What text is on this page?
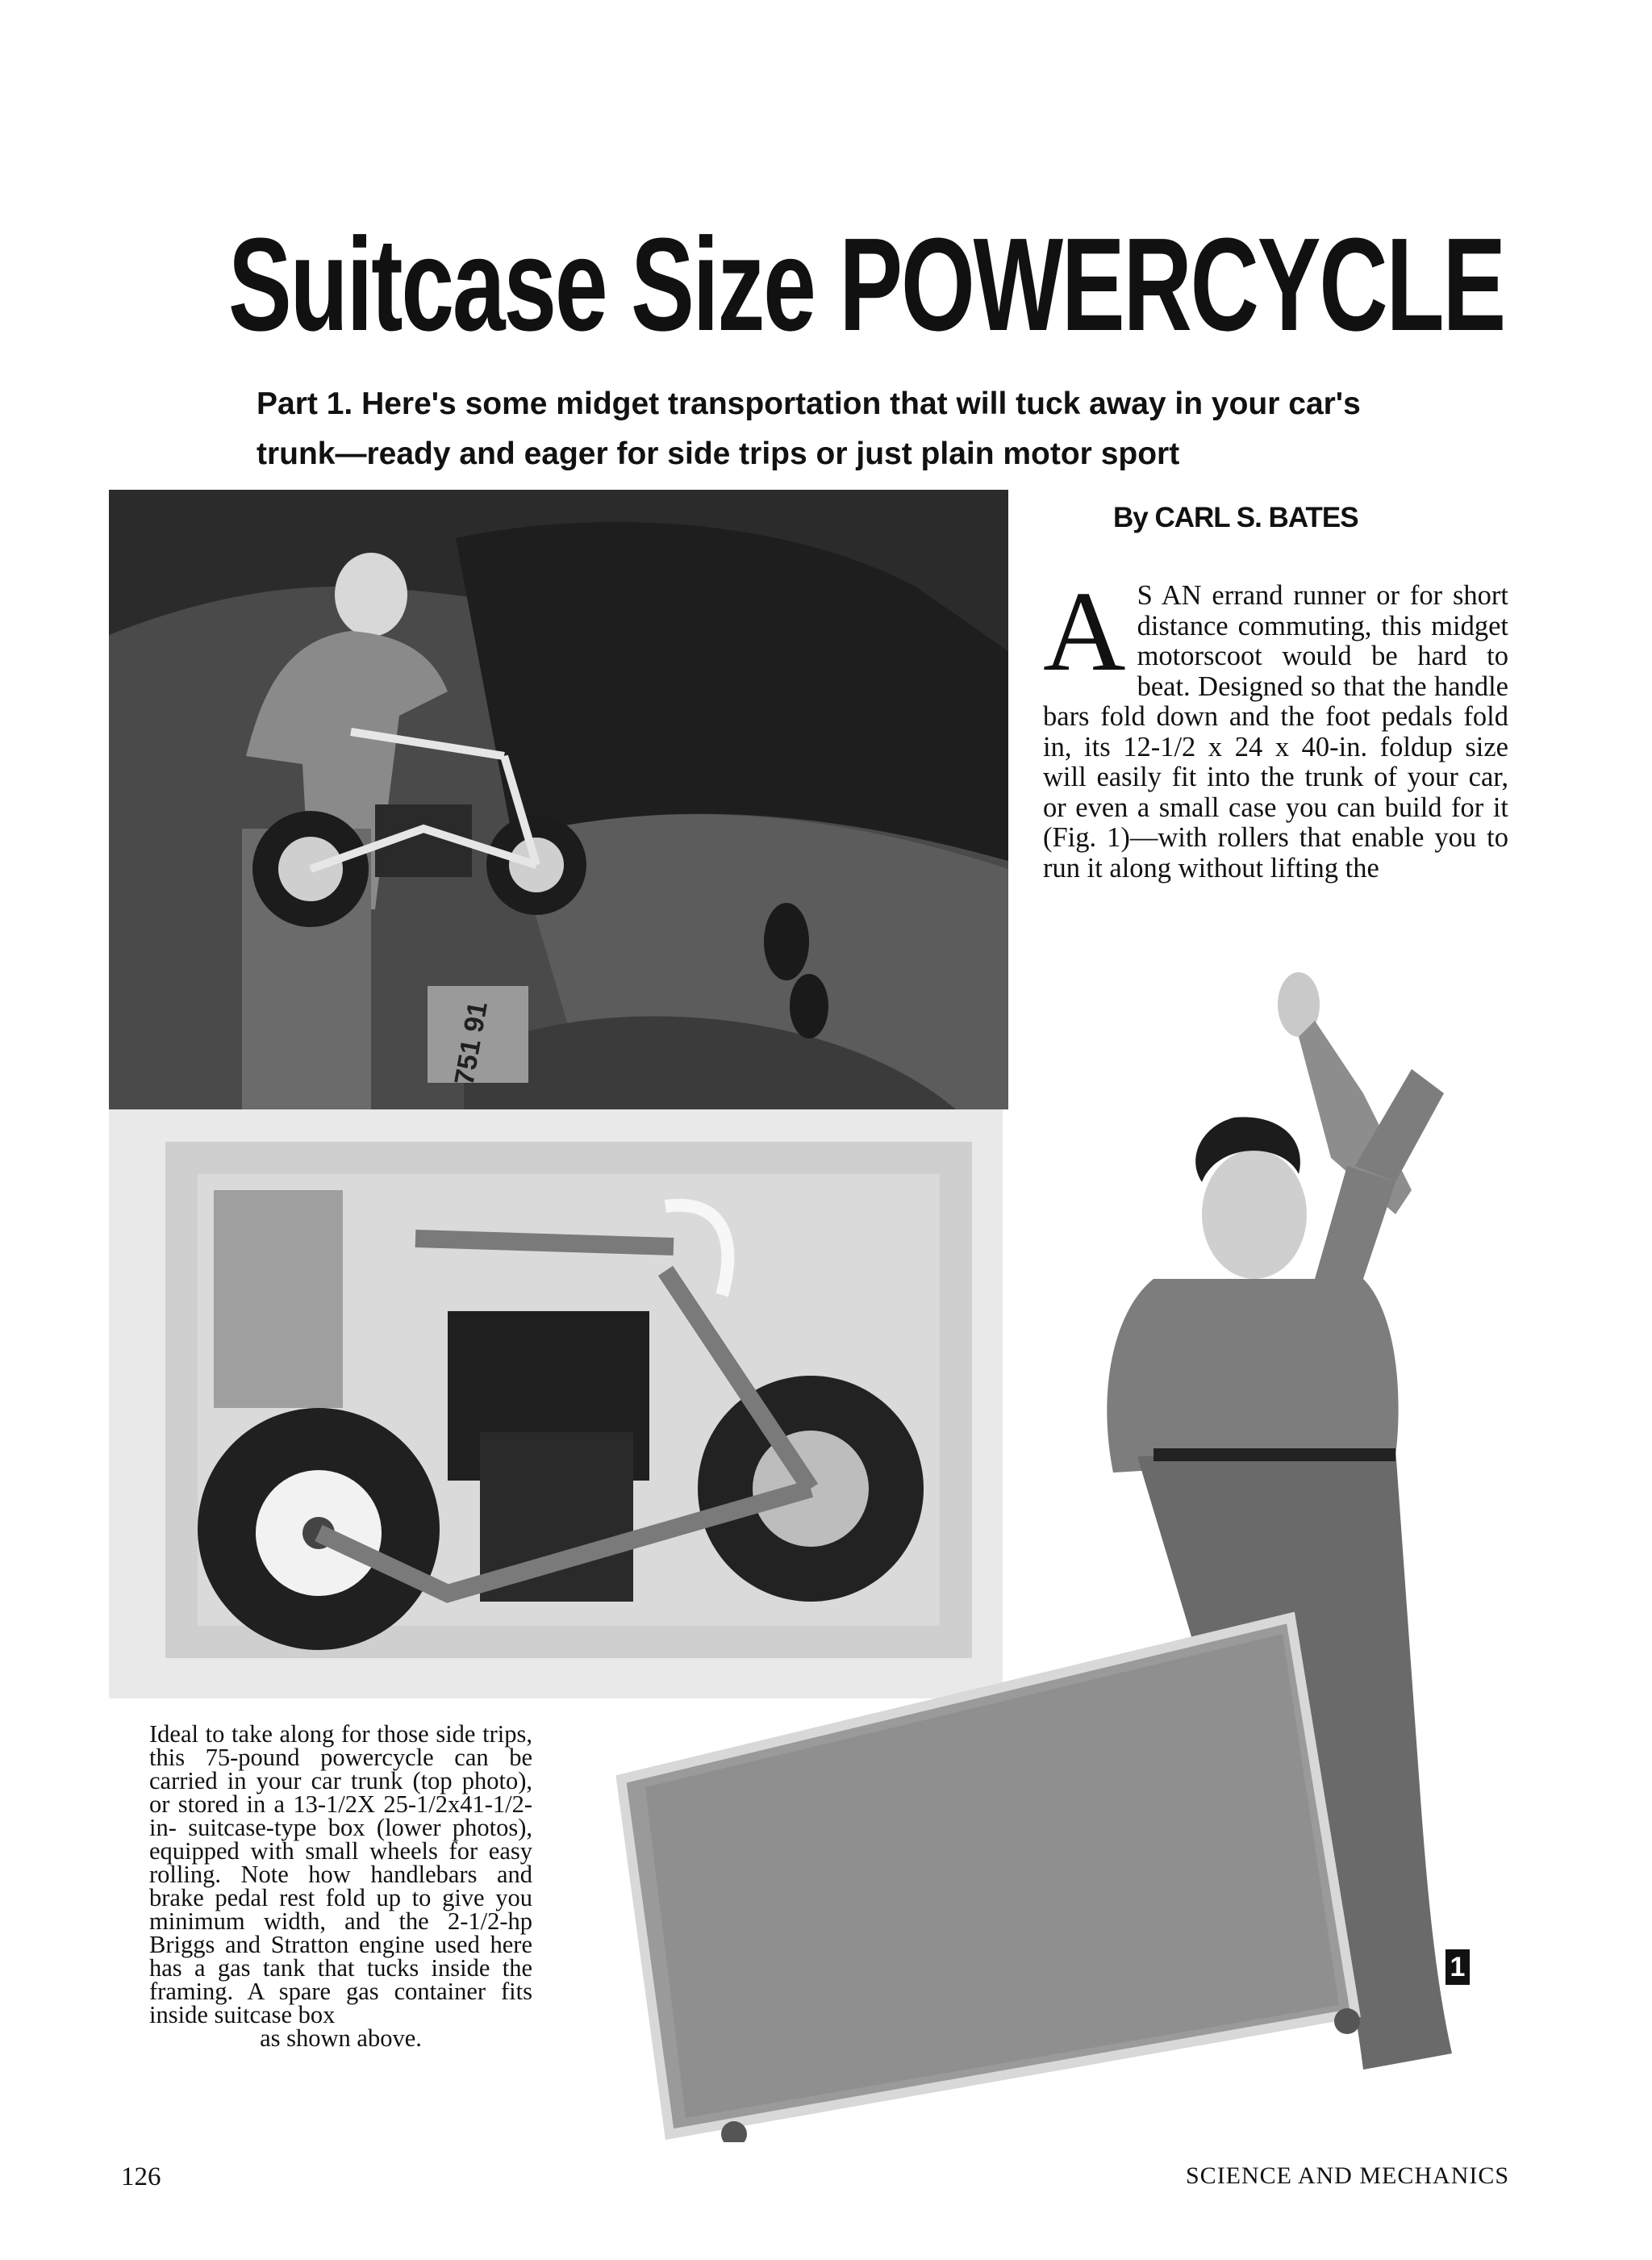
Suitcase Size POWERCYCLE

Part 1. Here's some midget transportation that will tuck away in your car's trunk—ready and eager for side trips or just plain motor sport

By CARL S. BATES

A S AN errand runner or for short distance commuting, this midget motorscoot would be hard to beat. Designed so that the handle bars fold down and the foot pedals fold in, its 12-1/2 x 24 x 40-in. foldup size will easily fit into the trunk of your car, or even a small case you can build for it (Fig. 1)—with rollers that enable you to run it along without lifting the

751 91
1

Ideal to take along for those side trips, this 75-pound powercycle can be carried in your car trunk (top photo), or stored in a 13-1/2X 25-1/2x41-1/2-in- suitcase-type box (lower photos), equipped with small wheels for easy rolling. Note how handlebars and brake pedal rest fold up to give you minimum width, and the 2-1/2-hp Briggs and Stratton engine used here has a gas tank that tucks inside the framing. A spare gas container fits inside suitcase box
as shown above.

126	SCIENCE AND MECHANICS
